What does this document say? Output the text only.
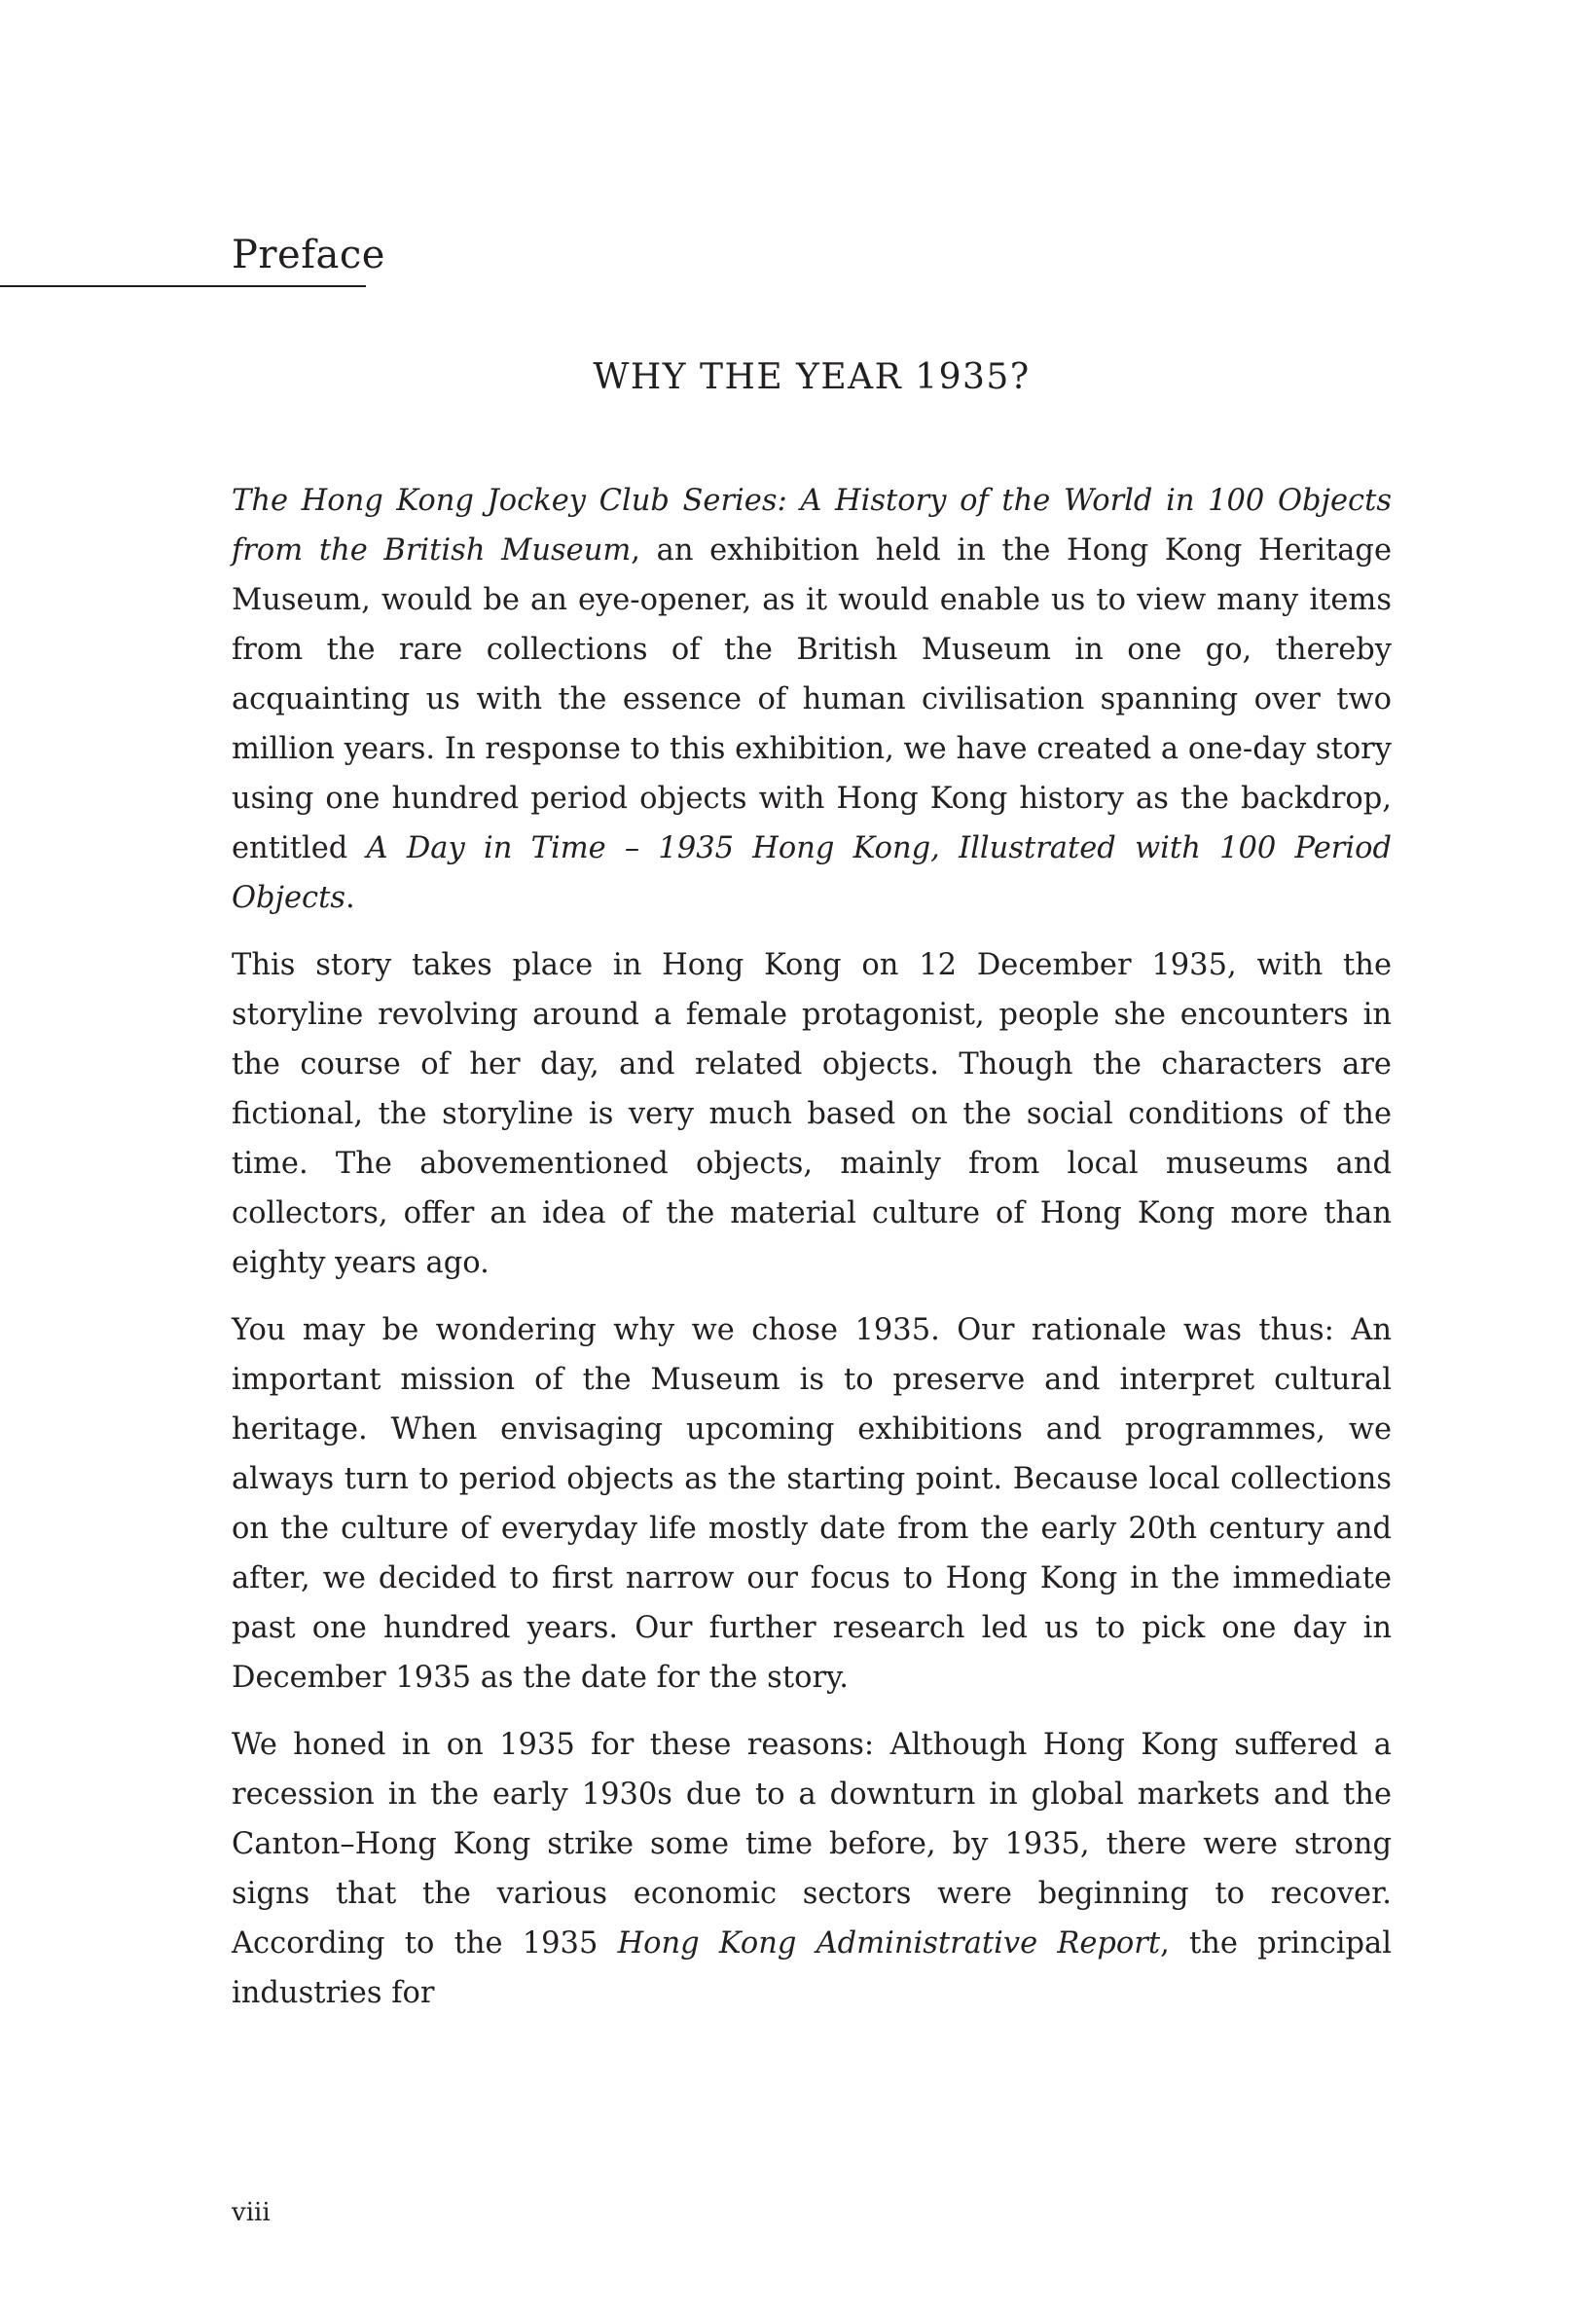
Preface
WHY THE YEAR 1935?

The Hong Kong Jockey Club Series: A History of the World in 100 Objects from the British Museum, an exhibition held in the Hong Kong Heritage Museum, would be an eye-opener, as it would enable us to view many items from the rare collections of the British Museum in one go, thereby acquainting us with the essence of human civilisation spanning over two million years. In response to this exhibition, we have created a one-day story using one hundred period objects with Hong Kong history as the backdrop, entitled A Day in Time – 1935 Hong Kong, Illustrated with 100 Period Objects.

This story takes place in Hong Kong on 12 December 1935, with the storyline revolving around a female protagonist, people she encounters in the course of her day, and related objects. Though the characters are fictional, the storyline is very much based on the social conditions of the time. The abovementioned objects, mainly from local museums and collectors, offer an idea of the material culture of Hong Kong more than eighty years ago.

You may be wondering why we chose 1935. Our rationale was thus: An important mission of the Museum is to preserve and interpret cultural heritage. When envisaging upcoming exhibitions and programmes, we always turn to period objects as the starting point. Because local collections on the culture of everyday life mostly date from the early 20th century and after, we decided to first narrow our focus to Hong Kong in the immediate past one hundred years. Our further research led us to pick one day in December 1935 as the date for the story.

We honed in on 1935 for these reasons: Although Hong Kong suffered a recession in the early 1930s due to a downturn in global markets and the Canton–Hong Kong strike some time before, by 1935, there were strong signs that the various economic sectors were beginning to recover. According to the 1935 Hong Kong Administrative Report, the principal industries for

viii
